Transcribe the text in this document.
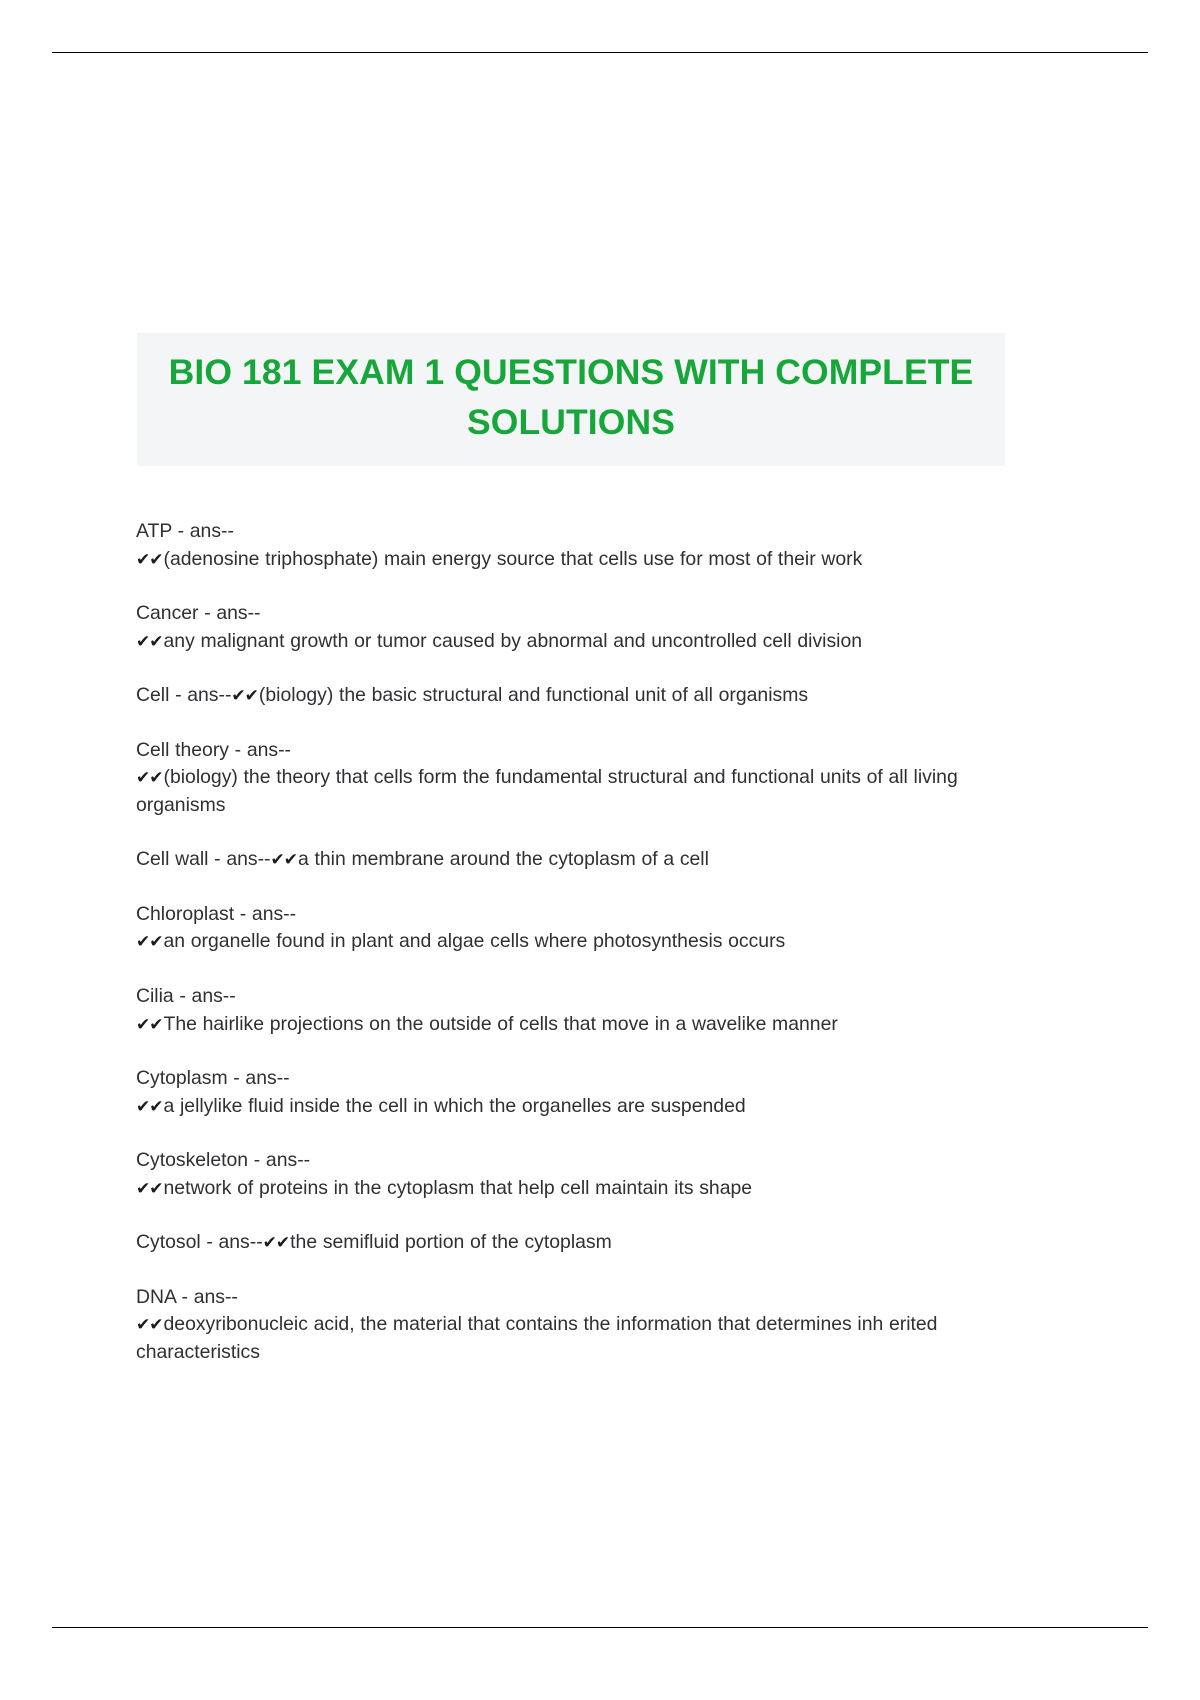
BIO 181 EXAM 1 QUESTIONS WITH COMPLETE SOLUTIONS

ATP - ans--
✔✔(adenosine triphosphate) main energy source that cells use for most of their work

Cancer - ans--
✔✔any malignant growth or tumor caused by abnormal and uncontrolled cell division

Cell - ans--✔✔(biology) the basic structural and functional unit of all organisms

Cell theory - ans--
✔✔(biology) the theory that cells form the fundamental structural and functional units of all living organisms

Cell wall - ans--✔✔a thin membrane around the cytoplasm of a cell

Chloroplast - ans--
✔✔an organelle found in plant and algae cells where photosynthesis occurs

Cilia - ans--
✔✔The hairlike projections on the outside of cells that move in a wavelike manner

Cytoplasm - ans--
✔✔a jellylike fluid inside the cell in which the organelles are suspended

Cytoskeleton - ans--
✔✔network of proteins in the cytoplasm that help cell maintain its shape

Cytosol - ans--✔✔the semifluid portion of the cytoplasm

DNA - ans--
✔✔deoxyribonucleic acid, the material that contains the information that determines inh erited characteristics
